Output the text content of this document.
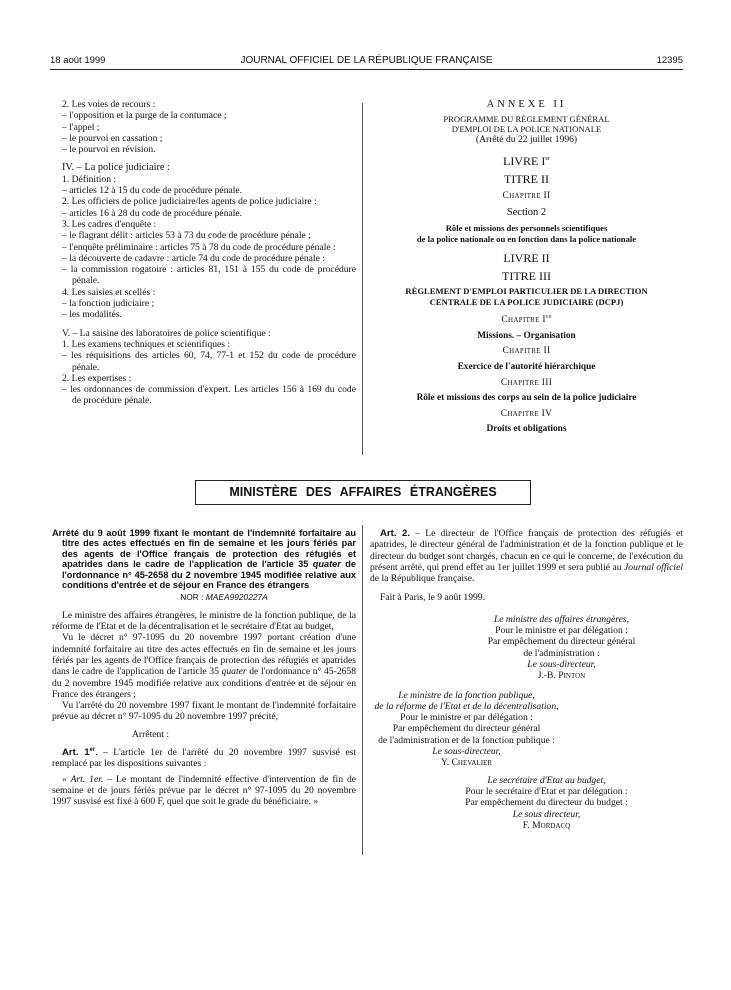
18 août 1999	JOURNAL OFFICIEL DE LA RÉPUBLIQUE FRANÇAISE	12395

2. Les voies de recours :

– l'opposition et la purge de la contumace ;

– l'appel ;

– le pourvoi en cassation ;

– le pourvoi en révision.

IV. – La police judiciaire :

1. Définition :

– articles 12 à 15 du code de procédure pénale.

2. Les officiers de police judiciaire/les agents de police judiciaire :

– articles 16 à 28 du code de procédure pénale.

3. Les cadres d'enquête :

– le flagrant délit : articles 53 à 73 du code de procédure pénale ;

– l'enquête préliminaire : articles 75 à 78 du code de procédure pénale :

– la découverte de cadavre : article 74 du code de procédure pénale :

– la commission rogatoire : articles 81, 151 à 155 du code de procédure pénale.

4. Les saisies et scellés :

– la fonction judiciaire ;

– les modalités.

V. – La saisine des laboratoires de police scientifique :

1. Les examens techniques et scientifiques :

– les réquisitions des articles 60, 74, 77-1 et 152 du code de procédure pénale.

2. Les expertises :

– les ordonnances de commission d'expert. Les articles 156 à 169 du code de procédure pénale.

ANNEXE II

PROGRAMME DU RÈGLEMENT GÉNÉRAL

D'EMPLOI DE LA POLICE NATIONALE

(Arrêté du 22 juillet 1996)

LIVRE Ier

TITRE II

Chapitre II

Section 2

Rôle et missions des personnels scientifiques

de la police nationale ou en fonction dans la police nationale

LIVRE II

TITRE III

RÈGLEMENT D'EMPLOI PARTICULIER DE LA DIRECTION

CENTRALE DE LA POLICE JUDICIAIRE (DCPJ)

Chapitre Ier

Missions. – Organisation

Chapitre II

Exercice de l'autorité hiérarchique

Chapitre III

Rôle et missions des corps au sein de la police judiciaire

Chapitre IV

Droits et obligations

MINISTÈRE DES AFFAIRES ÉTRANGÈRES

Arrêté du 9 août 1999 fixant le montant de l'indemnité forfaitaire au titre des actes effectués en fin de semaine et les jours fériés par des agents de l'Office français de protection des réfugiés et apatrides dans le cadre de l'application de l'article 35 quater de l'ordonnance n° 45-2658 du 2 novembre 1945 modifiée relative aux conditions d'entrée et de séjour en France des étrangers

NOR : MAEA9920227A

Le ministre des affaires étrangères, le ministre de la fonction publique, de la réforme de l'Etat et de la décentralisation et le secrétaire d'Etat au budget,

Vu le décret n° 97-1095 du 20 novembre 1997 portant création d'une indemnité forfaitaire au titre des actes effectués en fin de semaine et les jours fériés par les agents de l'Office français de protection des réfugiés et apatrides dans le cadre de l'application de l'article 35 quater de l'ordonnance n° 45-2658 du 2 novembre 1945 modifiée relative aux conditions d'entrée et de séjour en France des étrangers ;

Vu l'arrêté du 20 novembre 1997 fixant le montant de l'indemnité forfaitaire prévue au décret n° 97-1095 du 20 novembre 1997 précité,

Arrêtent :

Art. 1er. – L'article 1er de l'arrêté du 20 novembre 1997 susvisé est remplacé par les dispositions suivantes :

« Art. 1er. – Le montant de l'indemnité effective d'intervention de fin de semaine et de jours fériés prévue par le décret n° 97-1095 du 20 novembre 1997 susvisé est fixé à 600 F, quel que soit le grade du bénéficiaire. »

Art. 2. – Le directeur de l'Office français de protection des réfugiés et apatrides, le directeur général de l'administration et de la fonction publique et le directeur du budget sont chargés, chacun en ce qui le concerne, de l'exécution du présent arrêté, qui prend effet au 1er juillet 1999 et sera publié au Journal officiel de la République française.

Fait à Paris, le 9 août 1999.

Le ministre des affaires étrangères,

Pour le ministre et par délégation :

Par empêchement du directeur général

de l'administration :

Le sous-directeur,

J.-B. Pinton

Le ministre de la fonction publique,

de la réforme de l'Etat et de la décentralisation,

Pour le ministre et par délégation :

Par empêchement du directeur général

de l'administration et de la fonction publique :

Le sous-directeur,

Y. Chevalier

Le secrétaire d'Etat au budget,

Pour le secrétaire d'Etat et par délégation :

Par empêchement du directeur du budget :

Le sous directeur,

F. Mordacq
